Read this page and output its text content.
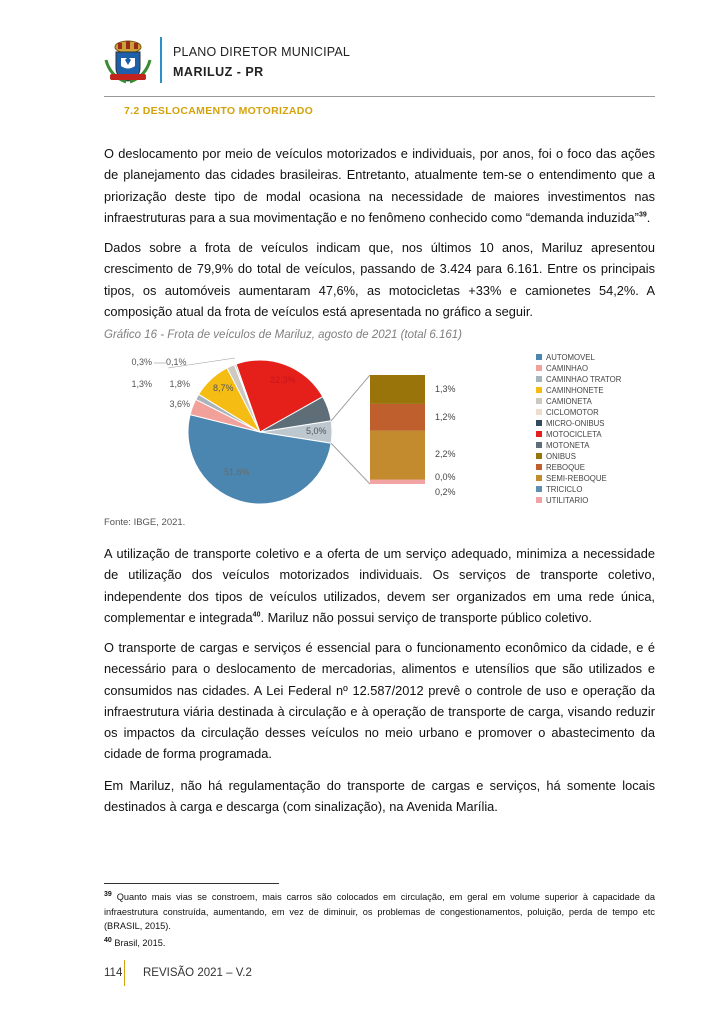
PLANO DIRETOR MUNICIPAL
MARILUZ - PR
7.2 DESLOCAMENTO MOTORIZADO
O deslocamento por meio de veículos motorizados e individuais, por anos, foi o foco das ações de planejamento das cidades brasileiras. Entretanto, atualmente tem-se o entendimento que a priorização deste tipo de modal ocasiona na necessidade de maiores investimentos nas infraestruturas para a sua movimentação e no fenômeno conhecido como “demanda induzida”$^{39}$.
Dados sobre a frota de veículos indicam que, nos últimos 10 anos, Mariluz apresentou crescimento de 79,9% do total de veículos, passando de 3.424 para 6.161. Entre os principais tipos, os automóveis aumentaram 47,6%, as motocicletas +33% e camionetes 54,2%. A composição atual da frota de veículos está apresentada no gráfico a seguir.
Gráfico 16 - Frota de veículos de Mariluz, agosto de 2021 (total 6.161)
51,6%
22,3%
5,7%
5,0%
8,7%
1,8%
0,1%
0,3%
1,3%
3,6%
1,3%
1,2%
2,2%
0,0%
0,2%
AUTOMOVEL
CAMINHAO
CAMINHAO TRATOR
CAMINHONETE
CAMIONETA
CICLOMOTOR
MICRO-ONIBUS
MOTOCICLETA
MOTONETA
ONIBUS
REBOQUE
SEMI-REBOQUE
TRICICLO
UTILITARIO
Fonte: IBGE, 2021.
A utilização de transporte coletivo e a oferta de um serviço adequado, minimiza a necessidade de utilização dos veículos motorizados individuais. Os serviços de transporte coletivo, independente dos tipos de veículos utilizados, devem ser organizados em uma rede única, complementar e integrada$^{40}$. Mariluz não possui serviço de transporte público coletivo.
O transporte de cargas e serviços é essencial para o funcionamento econômico da cidade, e é necessário para o deslocamento de mercadorias, alimentos e utensílios que são utilizados e consumidos nas cidades. A Lei Federal nº 12.587/2012 prevê o controle de uso e operação da infraestrutura viária destinada à circulação e à operação de transporte de carga, visando reduzir os impactos da circulação desses veículos no meio urbano e promover o abastecimento da cidade de forma programada.
Em Mariluz, não há regulamentação do transporte de cargas e serviços, há somente locais destinados à carga e descarga (com sinalização), na Avenida Marília.
$^{39}$ Quanto mais vias se constroem, mais carros são colocados em circulação, em geral em volume superior à capacidade da infraestrutura construída, aumentando, em vez de diminuir, os problemas de congestionamentos, poluição, perda de tempo etc (BRASIL, 2015).
$^{40}$ Brasil, 2015.
114 REVISÃO 2021 – V.2
